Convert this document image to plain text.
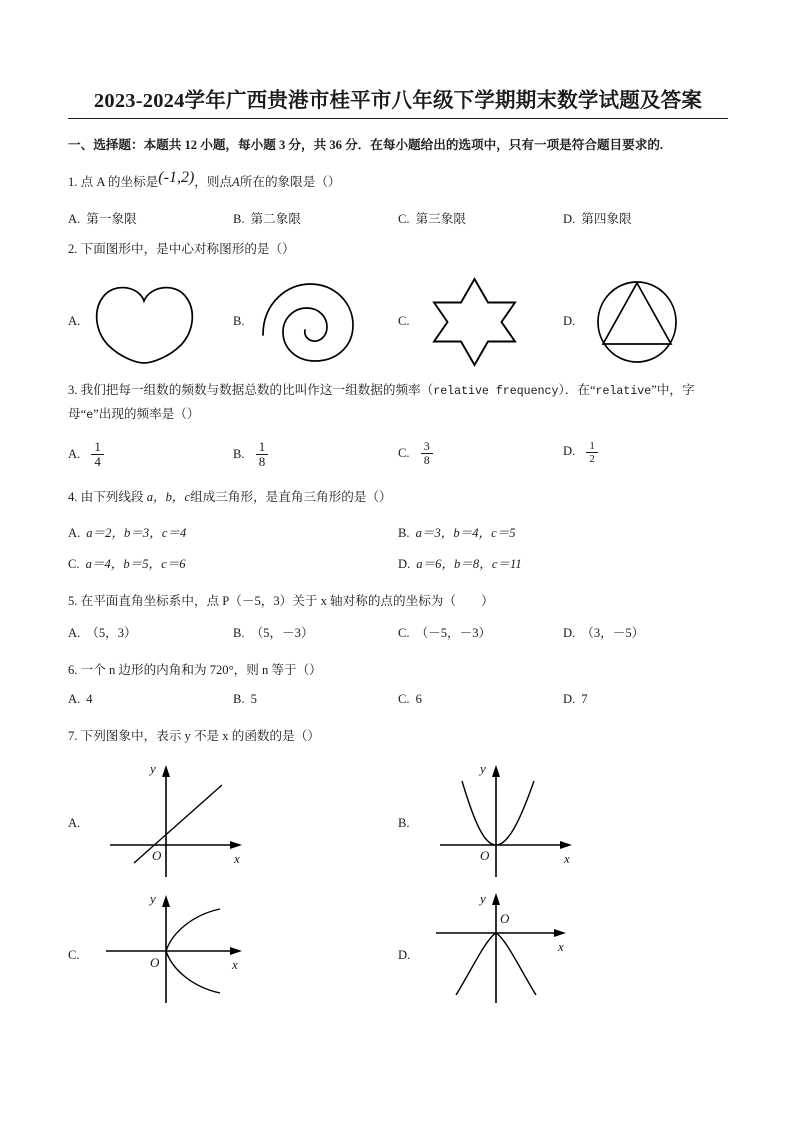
2023-2024学年广西贵港市桂平市八年级下学期期末数学试题及答案
一、选择题：本题共 12 小题，每小题 3 分，共 36 分．在每小题给出的选项中，只有一项是符合题目要求的.
1. 点 A 的坐标是(-1,2)，则点A所在的象限是（）
A. 第一象限	B. 第二象限	C. 第三象限	D. 第四象限
2. 下面图形中，是中心对称图形的是（）
A.	B.	C.	D.
3. 我们把每一组数的频数与数据总数的比叫作这一组数据的频率（relative frequency）．在“relative”中，字母“e”出现的频率是（）
A. $\frac{1}{4}$	B. $\frac{1}{8}$	C. $\frac{3}{8}$	D. $\frac{1}{2}$
4. 由下列线段 a，b，c组成三角形，是直角三角形的是（）
A. a＝2，b＝3，c＝4	B. a＝3，b＝4，c＝5
C. a＝4，b＝5，c＝6	D. a＝6，b＝8，c＝11
5. 在平面直角坐标系中，点 P（－5，3）关于 x 轴对称的点的坐标为（　　）
A. （5，3）	B. （5，－3）	C. （－5，－3）	D. （3，－5）
6. 一个 n 边形的内角和为 720°，则 n 等于（）
A. 4	B. 5	C. 6	D. 7
7. 下列图象中，表示 y 不是 x 的函数的是（）
A.
y
x
O
B.
y
x
O
C.
y
x
O
D.
y
x
O
